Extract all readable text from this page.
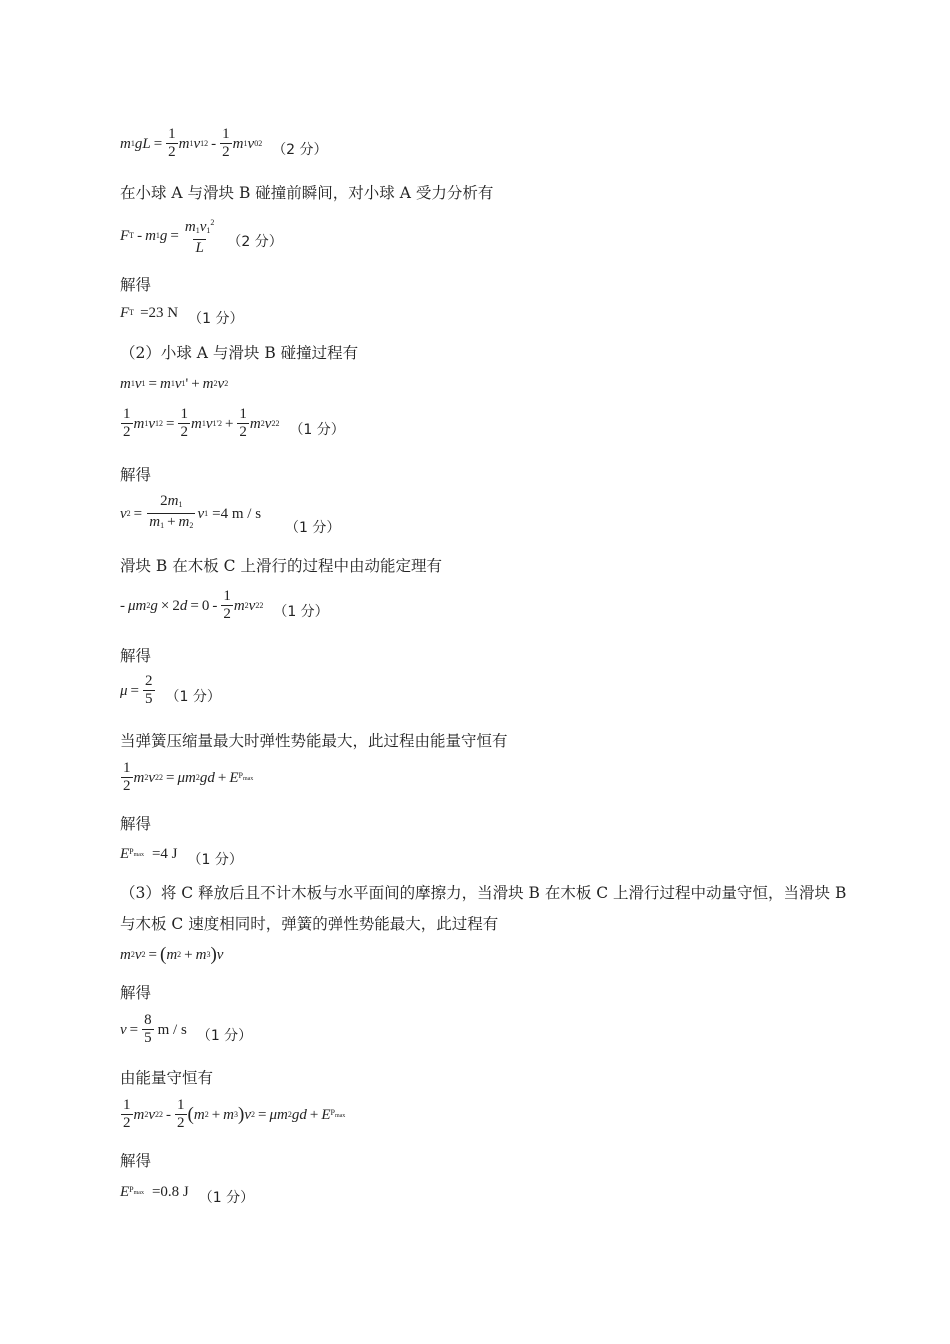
m 1 gL = $\frac{1}{2}$ m 1 v 1 $2 - \frac{1}{2}$ m 1 v 0 2 （2 分）
在小球 A 与滑块 B 碰撞前瞬间，对小球 A 受力分析有
F T - m 1 $g = \frac{m_1v_1^2}{L} (2$ 分）
解得
F T =23 N （1 分）
（2）小球 A 与滑块 B 碰撞过程有
m 1 v 1 = m 1 v 1 ' + m 2 v 2
$\frac{1}{2}$ m 1 v 1 $2 = \frac{1}{2}$ m 1 v 1 '$2 + \frac{1}{2}$ m 2 v 2 2 （1 分）
解得
v $2 = \frac{2m_1}{m_1 + m_2}$ v 1 =4 m / s
（1 分）
滑块 B 在木板 C 上滑行的过程中由动能定理有
- μm 2 g × 2 $d = 0 - \frac{1}{2}$ m 2 v 2 2 （1 分）
解得
$\mu = \frac{2}{5} (1$ 分）
当弹簧压缩量最大时弹性势能最大，此过程由能量守恒有
$\frac{1}{2}$ m 2 v 2 2 = μm 2 gd + E $P_{max}$
解得
E $P_{max} =4$ J （1 分）
（3）将 C 释放后且不计木板与水平面间的摩擦力，当滑块 B 在木板 C 上滑行过程中动量守恒，当滑块 B 与木板 C 速度相同时，弹簧的弹性势能最大，此过程有
m 2 v 2 = ( m 2 + m 3 ) v
解得
$v = \frac{8}{5}$ m / s （1 分）
由能量守恒有
$\frac{1}{2}$ m 2 v 2 $2 - \frac{1}{2}$ ( m 2 + m 3 ) v 2 = μm 2 gd + E $P_{max}$
解得
E $P_{max} =0.8$ J （1 分）
